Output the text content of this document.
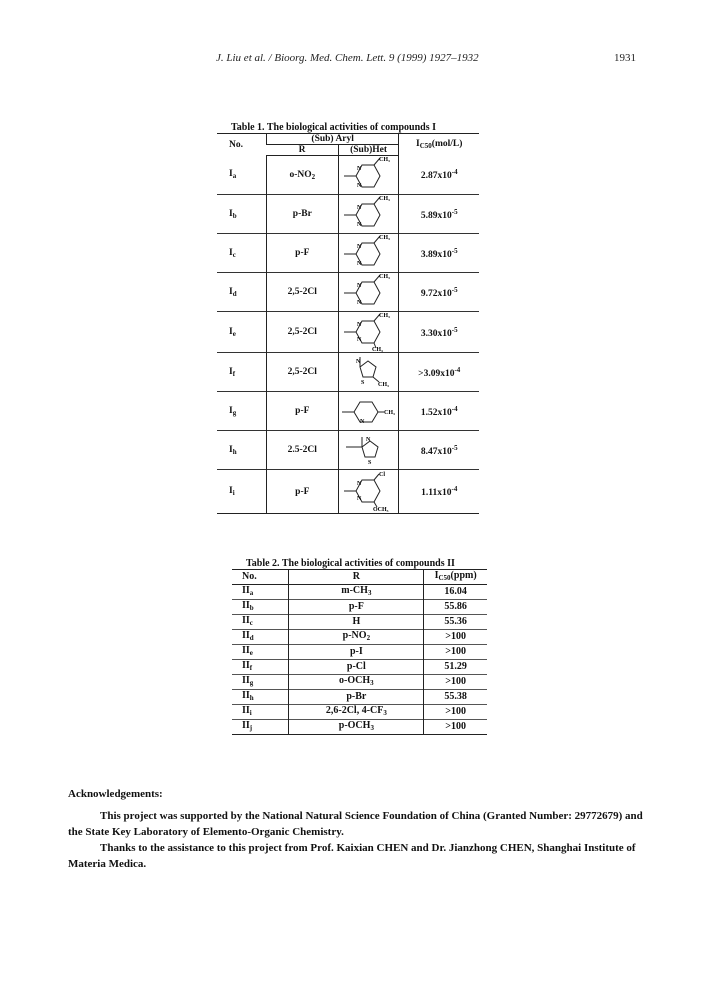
J. Liu et al. / Bioorg. Med. Chem. Lett. 9 (1999) 1927–1932	1931
Table 1. The biological activities of compounds I
No.	(Sub) Aryl		$I_{C50}(mol/L)$
	R	(Sub)Het	
$I_a$	$o-NO_2$		$2.87x10^{-4}$
$I_b$	p-Br		$5.89x10^{-5}$
$I_c$	p-F		$3.89x10^{-5}$
$I_d$	2,5-2Cl		$9.72x10^{-5}$
$I_e$	2,5-2Cl		$3.30x10^{-5}$
$I_f$	2,5-2Cl		$>3.09x10^{-4}$
$I_g$	p-F		$1.52x10^{-4}$
$I_h$	2.5-2Cl		$8.47x10^{-5}$
$I_i$	p-F		$1.11x10^{-4}$
Table 2. The biological activities of compounds II
No.	R	$I_{C50}(ppm)$
$II_a$	$m-CH_3$	16.04
$II_b$	p-F	55.86
$II_c$	H	55.36
$II_d$	$p-NO_2$	>100
$II_e$	p-I	>100
$II_f$	p-Cl	51.29
$II_g$	$o-OCH_3$	>100
$II_h$	p-Br	55.38
$II_i$	2,6-2Cl, $4-CF_3$	>100
$II_j$	$p-OCH_3$	>100
Acknowledgements:

This project was supported by the National Natural Science Foundation of China (Granted Number: 29772679) and the State Key Laboratory of Elemento-Organic Chemistry.

Thanks to the assistance to this project from Prof. Kaixian CHEN and Dr. Jianzhong CHEN, Shanghai Institute of Materia Medica.
